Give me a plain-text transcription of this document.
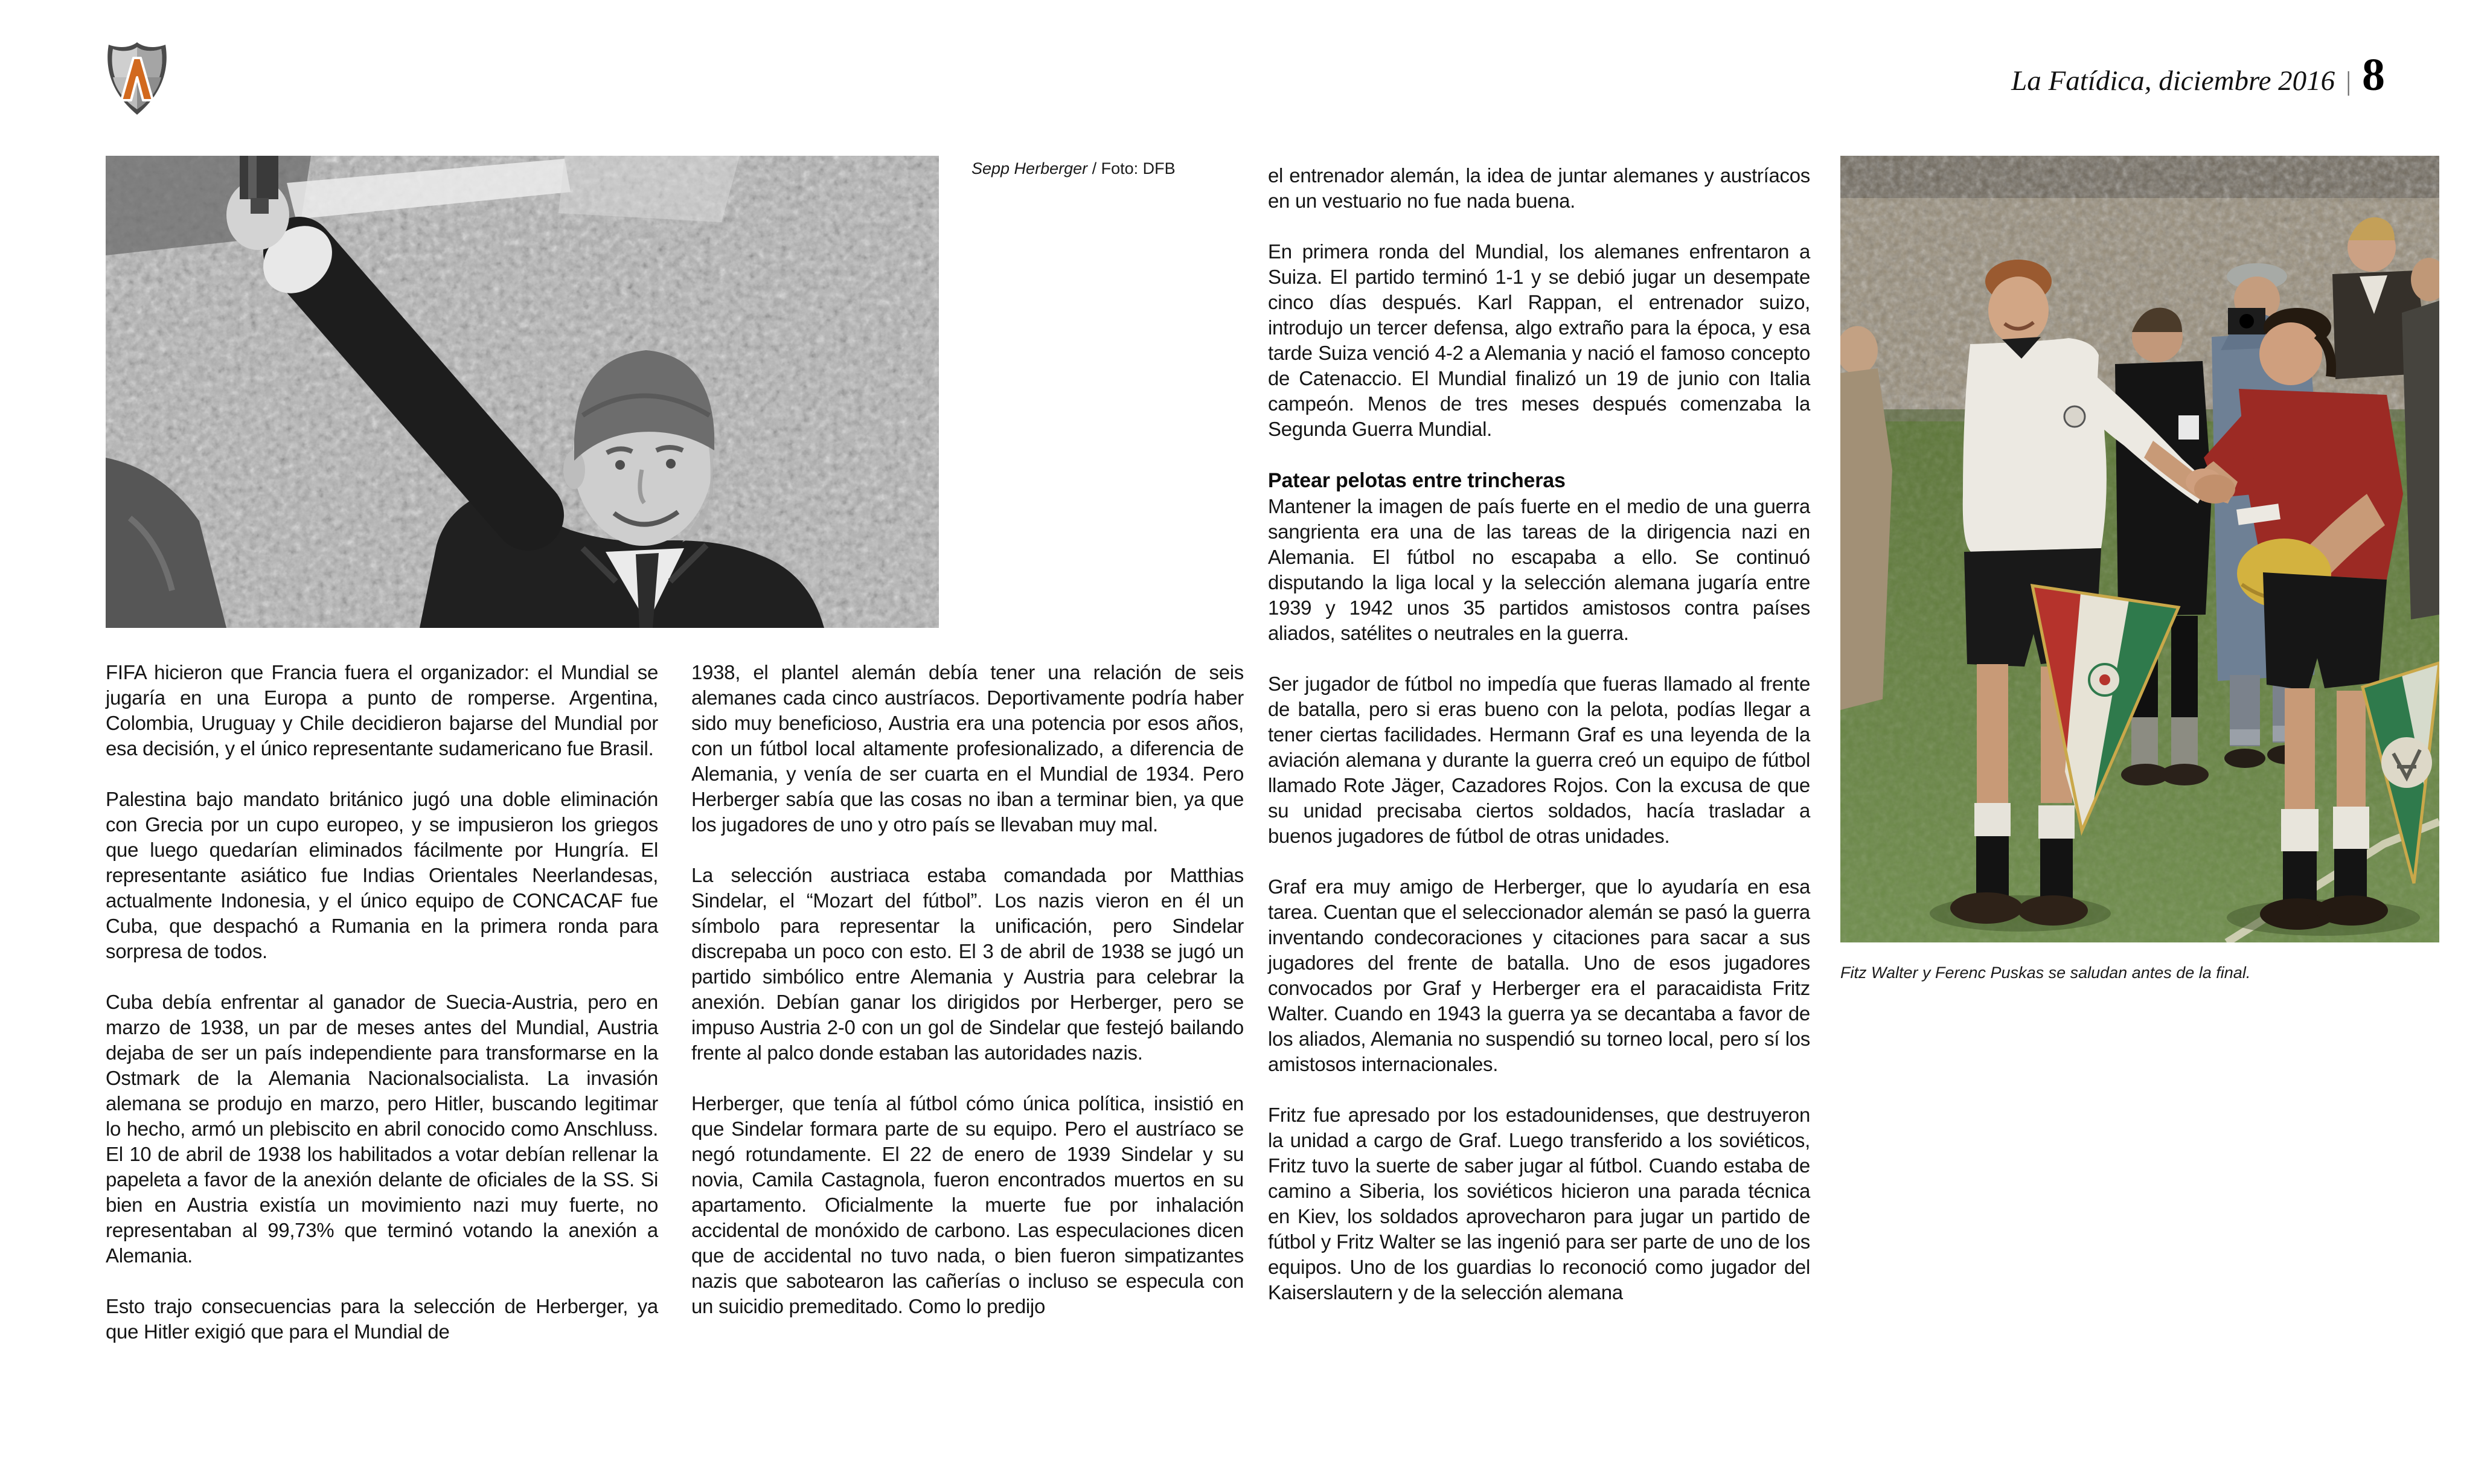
La Fatídica, diciembre 2016 | 8
Sepp Herberger / Foto: DFB
Fitz Walter y Ferenc Puskas se saludan antes de la final.

FIFA hicieron que Francia fuera el organizador: el Mundial se jugaría en una Europa a punto de romperse. Argentina, Colombia, Uruguay y Chile decidieron bajarse del Mundial por esa decisión, y el único representante sudamericano fue Brasil.

Palestina bajo mandato británico jugó una doble eliminación con Grecia por un cupo europeo, y se impusieron los griegos que luego quedarían eliminados fácilmente por Hungría. El representante asiático fue Indias Orientales Neerlandesas, actualmente Indonesia, y el único equipo de CONCACAF fue Cuba, que despachó a Rumania en la primera ronda para sorpresa de todos.

Cuba debía enfrentar al ganador de Suecia-Austria, pero en marzo de 1938, un par de meses antes del Mundial, Austria dejaba de ser un país independiente para transformarse en la Ostmark de la Alemania Nacionalsocialista. La invasión alemana se produjo en marzo, pero Hitler, buscando legitimar lo hecho, armó un plebiscito en abril conocido como Anschluss. El 10 de abril de 1938 los habilitados a votar debían rellenar la papeleta a favor de la anexión delante de oficiales de la SS. Si bien en Austria existía un movimiento nazi muy fuerte, no representaban al 99,73% que terminó votando la anexión a Alemania.

Esto trajo consecuencias para la selección de Herberger, ya que Hitler exigió que para el Mundial de

1938, el plantel alemán debía tener una relación de seis alemanes cada cinco austríacos. Deportivamente podría haber sido muy beneficioso, Austria era una potencia por esos años, con un fútbol local altamente profesionalizado, a diferencia de Alemania, y venía de ser cuarta en el Mundial de 1934. Pero Herberger sabía que las cosas no iban a terminar bien, ya que los jugadores de uno y otro país se llevaban muy mal.

La selección austriaca estaba comandada por Matthias Sindelar, el “Mozart del fútbol”. Los nazis vieron en él un símbolo para representar la unificación, pero Sindelar discrepaba un poco con esto. El 3 de abril de 1938 se jugó un partido simbólico entre Alemania y Austria para celebrar la anexión. Debían ganar los dirigidos por Herberger, pero se impuso Austria 2-0 con un gol de Sindelar que festejó bailando frente al palco donde estaban las autoridades nazis.

Herberger, que tenía al fútbol cómo única política, insistió en que Sindelar formara parte de su equipo. Pero el austríaco se negó rotundamente. El 22 de enero de 1939 Sindelar y su novia, Camila Castagnola, fueron encontrados muertos en su apartamento. Oficialmente la muerte fue por inhalación accidental de monóxido de carbono. Las especulaciones dicen que de accidental no tuvo nada, o bien fueron simpatizantes nazis que sabotearon las cañerías o incluso se especula con un suicidio premeditado. Como lo predijo

el entrenador alemán, la idea de juntar alemanes y austríacos en un vestuario no fue nada buena.

En primera ronda del Mundial, los alemanes enfrentaron a Suiza. El partido terminó 1-1 y se debió jugar un desempate cinco días después. Karl Rappan, el entrenador suizo, introdujo un tercer defensa, algo extraño para la época, y esa tarde Suiza venció 4-2 a Alemania y nació el famoso concepto de Catenaccio. El Mundial finalizó un 19 de junio con Italia campeón. Menos de tres meses después comenzaba la Segunda Guerra Mundial.

Patear pelotas entre trincheras

Mantener la imagen de país fuerte en el medio de una guerra sangrienta era una de las tareas de la dirigencia nazi en Alemania. El fútbol no escapaba a ello. Se continuó disputando la liga local y la selección alemana jugaría entre 1939 y 1942 unos 35 partidos amistosos contra países aliados, satélites o neutrales en la guerra.

Ser jugador de fútbol no impedía que fueras llamado al frente de batalla, pero si eras bueno con la pelota, podías llegar a tener ciertas facilidades. Hermann Graf es una leyenda de la aviación alemana y durante la guerra creó un equipo de fútbol llamado Rote Jäger, Cazadores Rojos. Con la excusa de que su unidad precisaba ciertos soldados, hacía trasladar a buenos jugadores de fútbol de otras unidades.

Graf era muy amigo de Herberger, que lo ayudaría en esa tarea. Cuentan que el seleccionador alemán se pasó la guerra inventando condecoraciones y citaciones para sacar a sus jugadores del frente de batalla. Uno de esos jugadores convocados por Graf y Herberger era el paracaidista Fritz Walter. Cuando en 1943 la guerra ya se decantaba a favor de los aliados, Alemania no suspendió su torneo local, pero sí los amistosos internacionales.

Fritz fue apresado por los estadounidenses, que destruyeron la unidad a cargo de Graf. Luego transferido a los soviéticos, Fritz tuvo la suerte de saber jugar al fútbol. Cuando estaba de camino a Siberia, los soviéticos hicieron una parada técnica en Kiev, los soldados aprovecharon para jugar un partido de fútbol y Fritz Walter se las ingenió para ser parte de uno de los equipos. Uno de los guardias lo reconoció como jugador del Kaiserslautern y de la selección alemana
